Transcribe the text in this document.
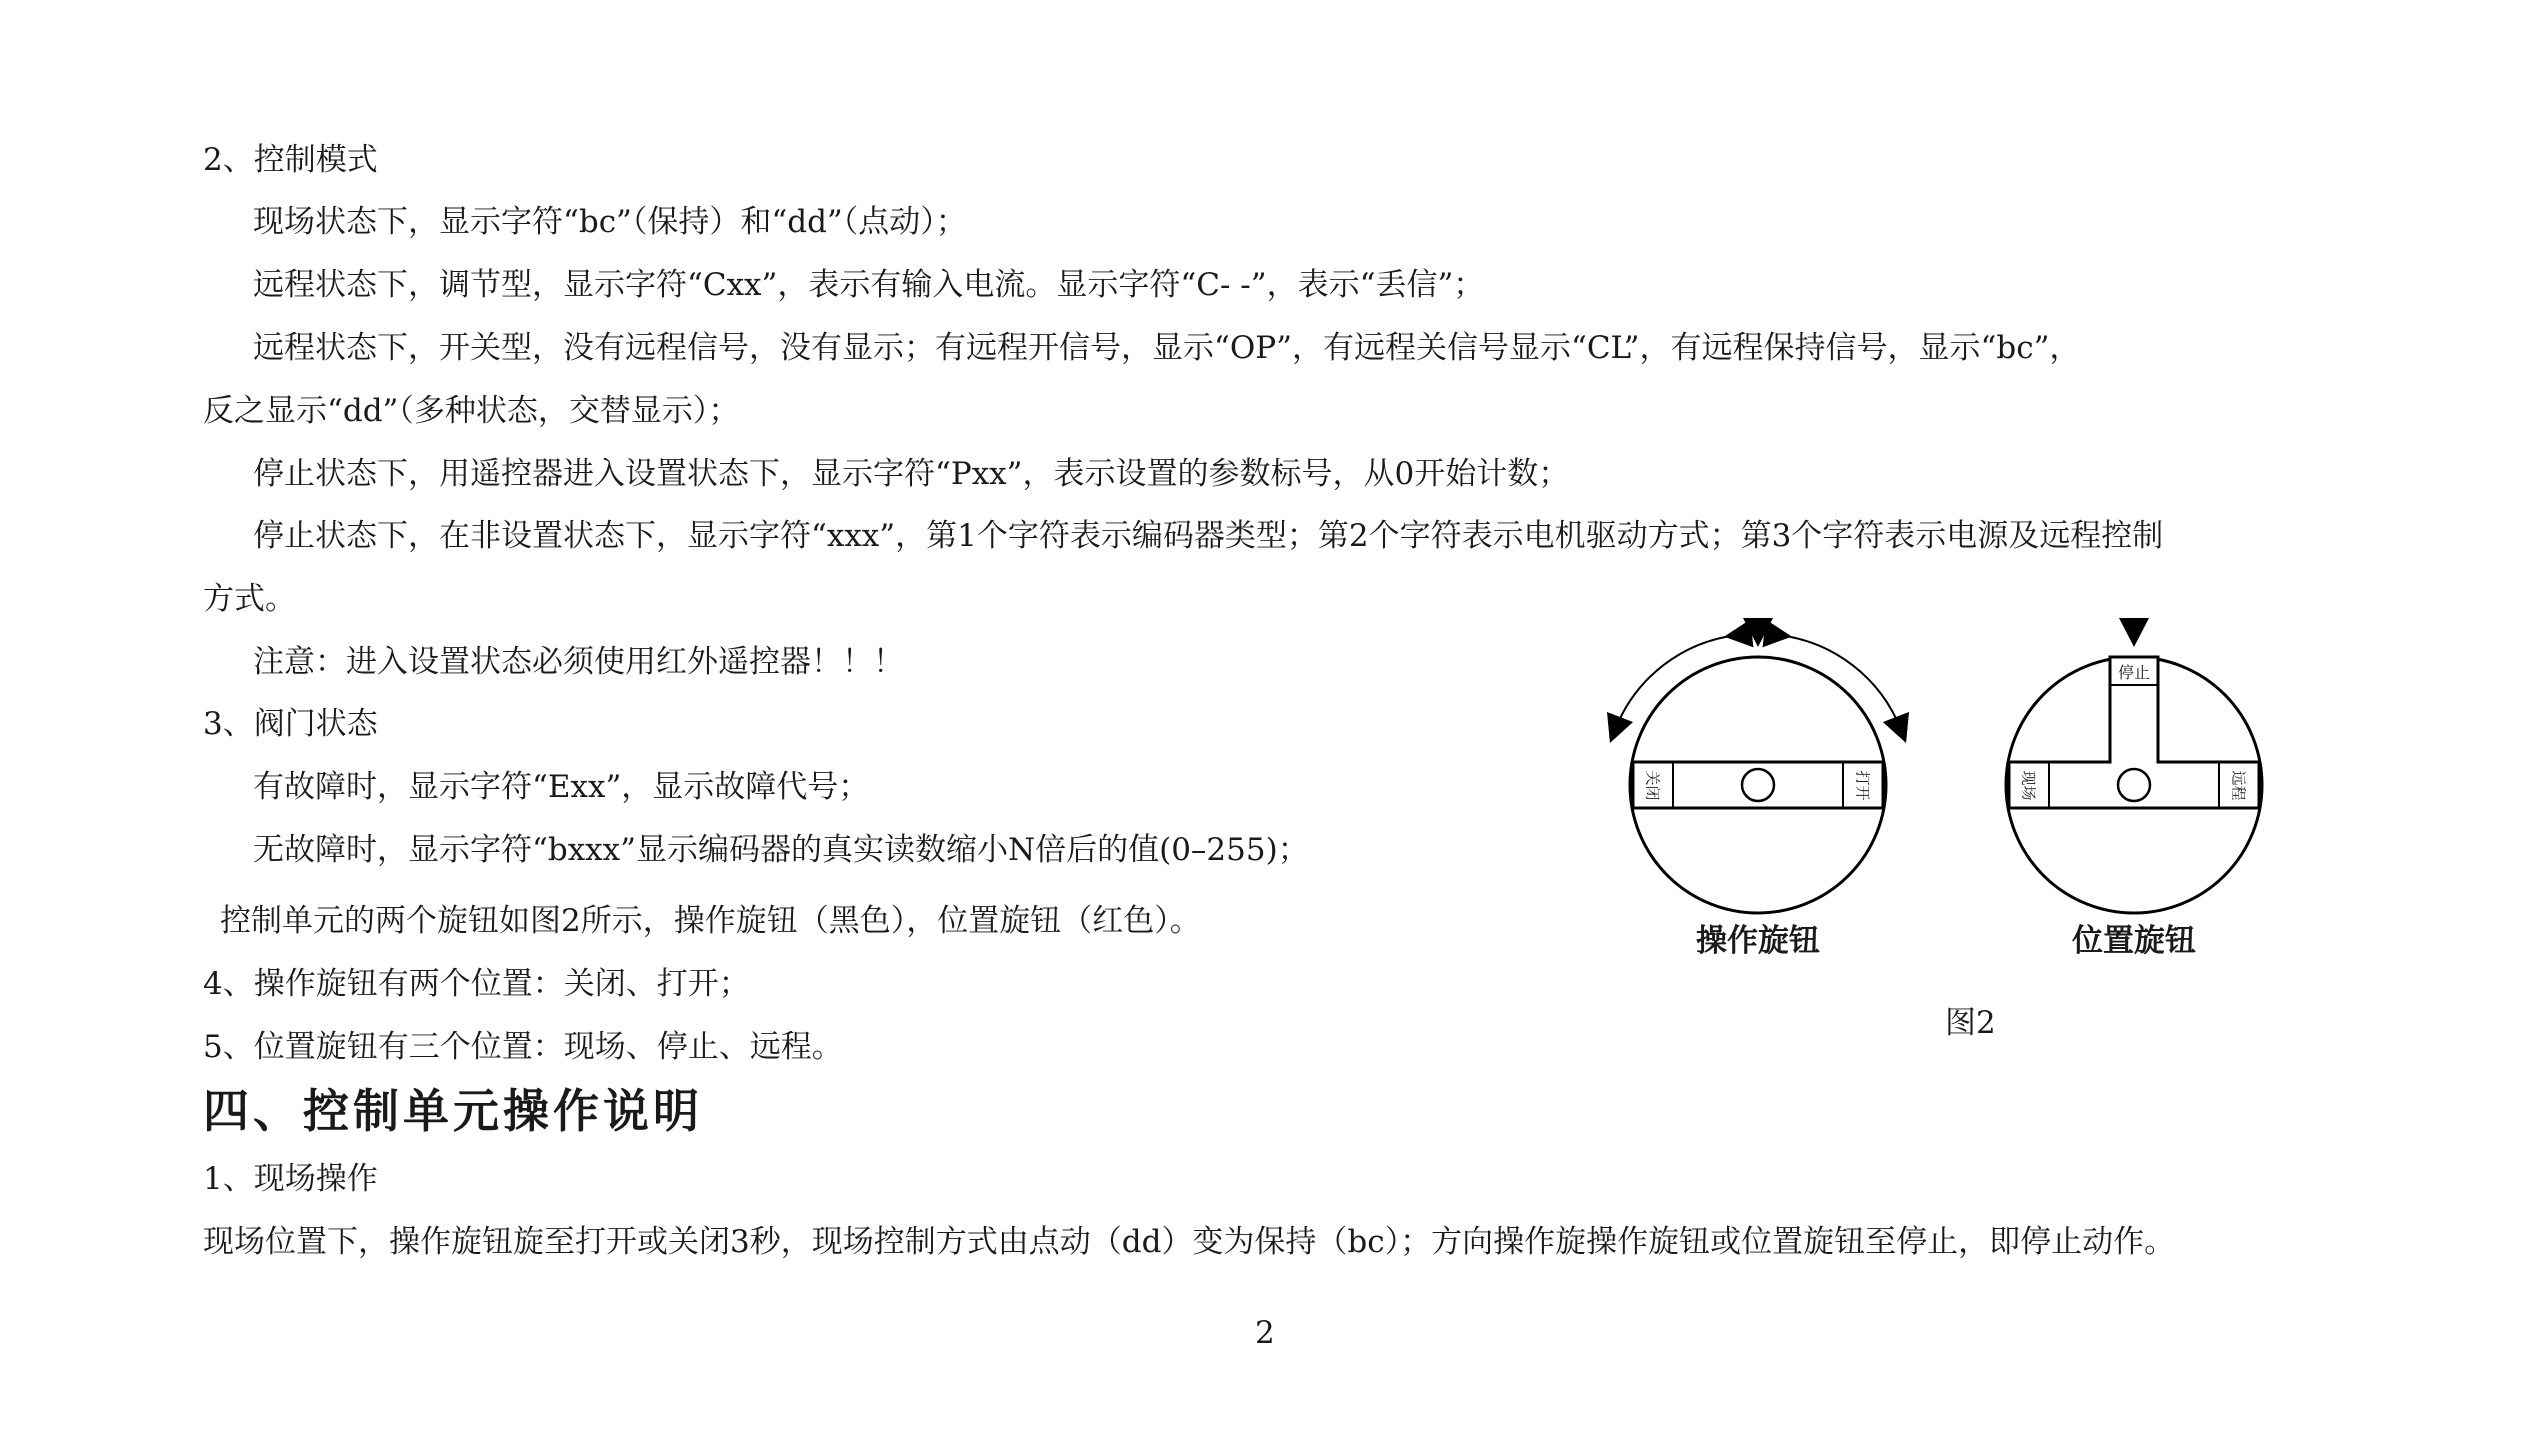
2、控制模式
现场状态下，显示字符“bc”（保持）和“dd”（点动）；
远程状态下，调节型，显示字符“Cxx”，表示有输入电流。显示字符“C- -”，表示“丢信”；
远程状态下，开关型，没有远程信号，没有显示；有远程开信号，显示“OP”，有远程关信号显示“CL”，有远程保持信号，显示“bc”，
反之显示“dd”（多种状态，交替显示）；
停止状态下，用遥控器进入设置状态下，显示字符“Pxx”，表示设置的参数标号，从0开始计数；
停止状态下，在非设置状态下，显示字符“xxx”，第1个字符表示编码器类型；第2个字符表示电机驱动方式；第3个字符表示电源及远程控制
方式。
注意：进入设置状态必须使用红外遥控器！！！
3、阀门状态
有故障时，显示字符“Exx”，显示故障代号；
无故障时，显示字符“bxxx”显示编码器的真实读数缩小N倍后的值(0–255)；
控制单元的两个旋钮如图2所示，操作旋钮（黑色），位置旋钮（红色）。
4、操作旋钮有两个位置：关闭、打开；
5、位置旋钮有三个位置：现场、停止、远程。
四、控制单元操作说明
1、现场操作
现场位置下，操作旋钮旋至打开或关闭3秒，现场控制方式由点动（dd）变为保持（bc）；方向操作旋操作旋钮或位置旋钮至停止，即停止动作。
关闭	打开
停止
现场	远程
操作旋钮	位置旋钮
图2
2
